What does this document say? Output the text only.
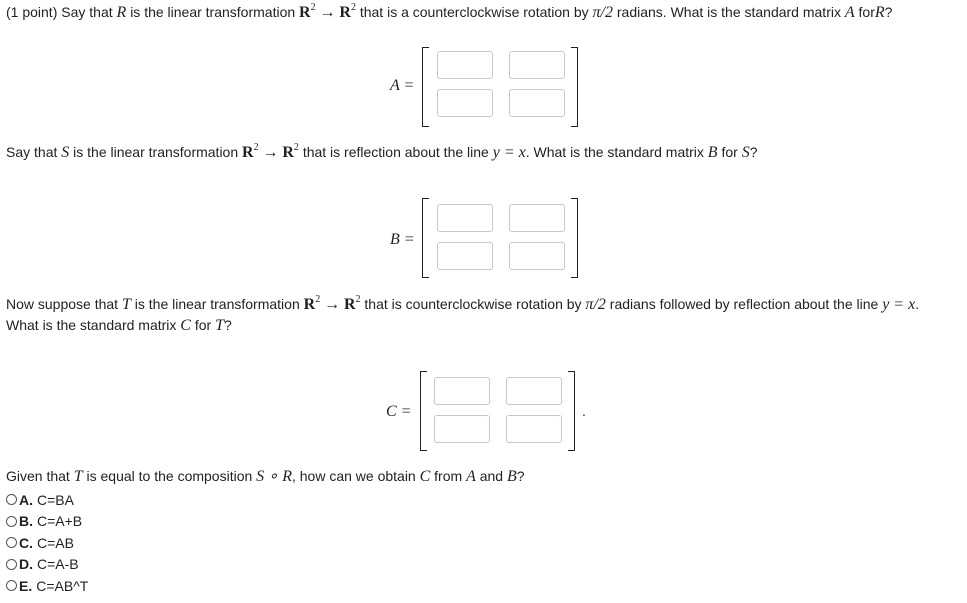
(1 point) Say that R is the linear transformation $R^2 \to R^2$ that is a counterclockwise rotation by π/2 radians. What is the standard matrix A forR?
A =
Say that S is the linear transformation $R^2 \to R^2$ that is reflection about the line y = x. What is the standard matrix B for S?
B =
Now suppose that T is the linear transformation $R^2 \to R^2$ that is counterclockwise rotation by π/2 radians followed by reflection about the line y = x.
What is the standard matrix C for T?
C =	.
Given that T is equal to the composition S ∘ R, how can we obtain C from A and B?
A. C=BA
B. C=A+B
C. C=AB
D. C=A-B
E. C=AB^T
